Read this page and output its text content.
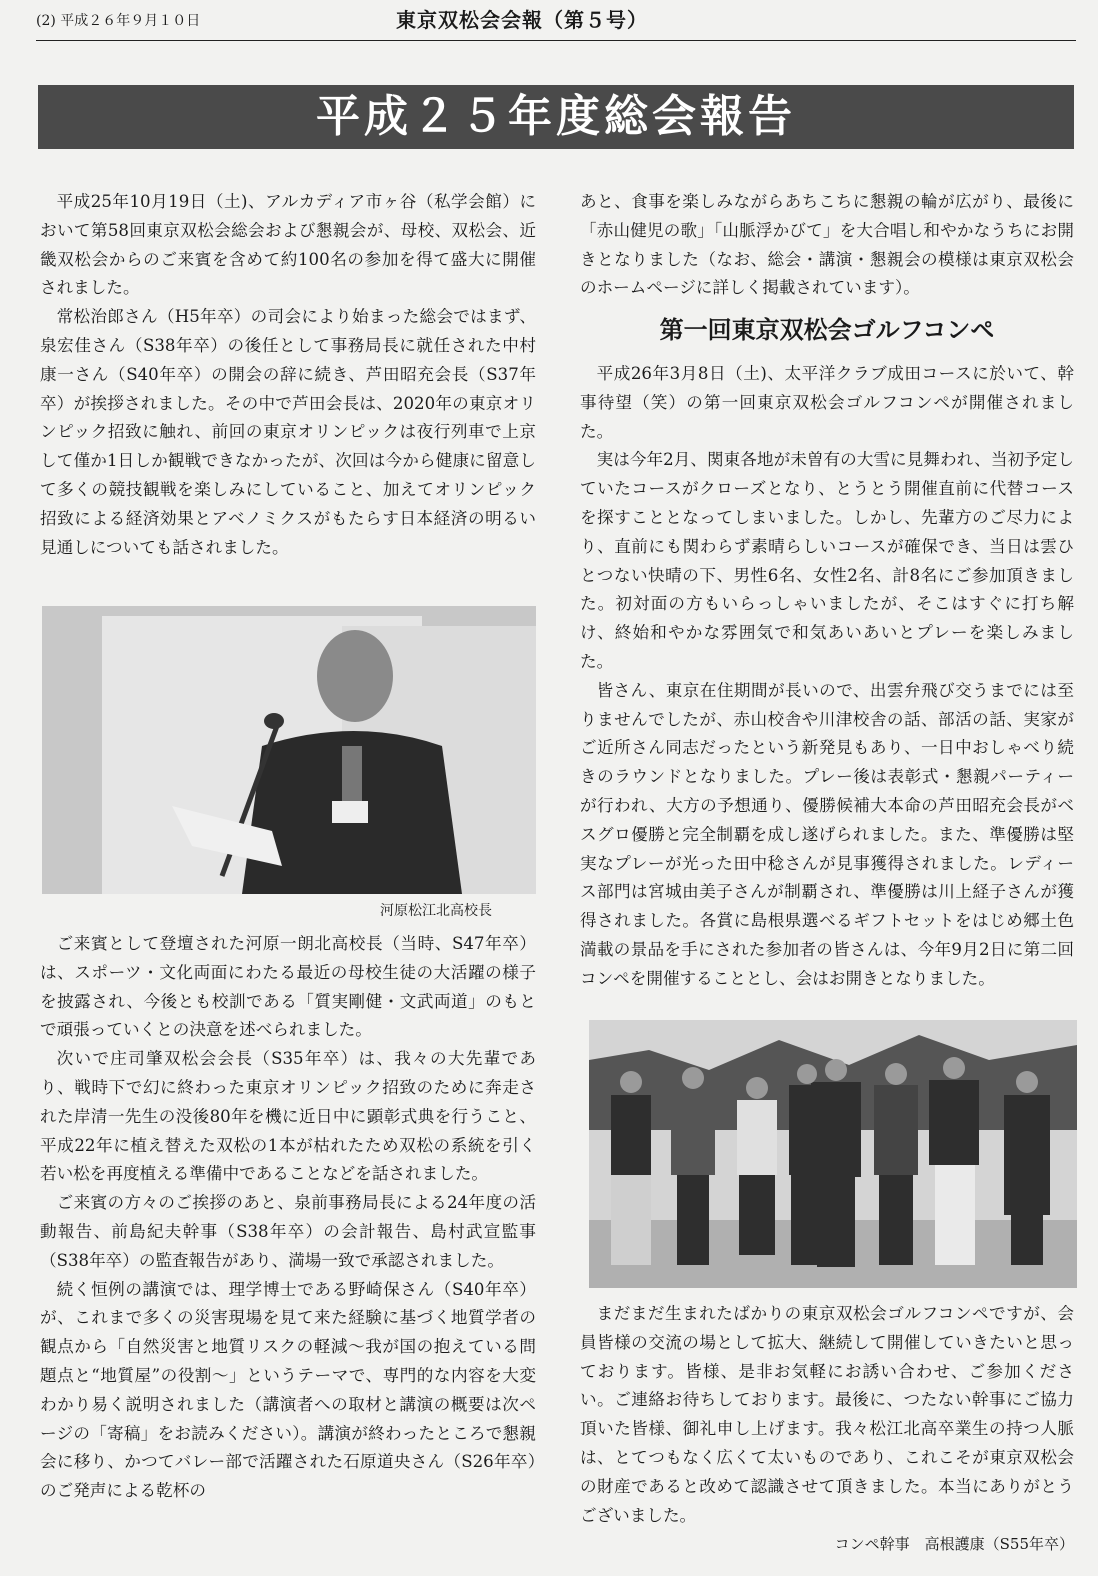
(2) 平成２６年９月１０日	東京双松会会報（第５号）
平成２５年度総会報告

平成25年10月19日（土)、アルカディア市ヶ谷（私学会館）において第58回東京双松会総会および懇親会が、母校、双松会、近畿双松会からのご来賓を含めて約100名の参加を得て盛大に開催されました。

常松治郎さん（H5年卒）の司会により始まった総会ではまず、泉宏佳さん（S38年卒）の後任として事務局長に就任された中村康一さん（S40年卒）の開会の辞に続き、芦田昭充会長（S37年卒）が挨拶されました。その中で芦田会長は、2020年の東京オリンピック招致に触れ、前回の東京オリンピックは夜行列車で上京して僅か1日しか観戦できなかったが、次回は今から健康に留意して多くの競技観戦を楽しみにしていること、加えてオリンピック招致による経済効果とアベノミクスがもたらす日本経済の明るい見通しについても話されました。

河原松江北高校長

ご来賓として登壇された河原一朗北高校長（当時、S47年卒）は、スポーツ・文化両面にわたる最近の母校生徒の大活躍の様子を披露され、今後とも校訓である「質実剛健・文武両道」のもとで頑張っていくとの決意を述べられました。

次いで庄司肇双松会会長（S35年卒）は、我々の大先輩であり、戦時下で幻に終わった東京オリンピック招致のために奔走された岸清一先生の没後80年を機に近日中に顕彰式典を行うこと、平成22年に植え替えた双松の1本が枯れたため双松の系統を引く若い松を再度植える準備中であることなどを話されました。

ご来賓の方々のご挨拶のあと、泉前事務局長による24年度の活動報告、前島紀夫幹事（S38年卒）の会計報告、島村武宣監事（S38年卒）の監査報告があり、満場一致で承認されました。

続く恒例の講演では、理学博士である野崎保さん（S40年卒）が、これまで多くの災害現場を見て来た経験に基づく地質学者の観点から「自然災害と地質リスクの軽減～我が国の抱えている問題点と“地質屋”の役割～」というテーマで、専門的な内容を大変わかり易く説明されました（講演者への取材と講演の概要は次ページの「寄稿」をお読みください）。講演が終わったところで懇親会に移り、かつてバレー部で活躍された石原道央さん（S26年卒）のご発声による乾杯の

あと、食事を楽しみながらあちこちに懇親の輪が広がり、最後に「赤山健児の歌」「山脈浮かびて」を大合唱し和やかなうちにお開きとなりました（なお、総会・講演・懇親会の模様は東京双松会のホームページに詳しく掲載されています）。

第一回東京双松会ゴルフコンペ

平成26年3月8日（土)、太平洋クラブ成田コースに於いて、幹事待望（笑）の第一回東京双松会ゴルフコンペが開催されました。

実は今年2月、関東各地が未曽有の大雪に見舞われ、当初予定していたコースがクローズとなり、とうとう開催直前に代替コースを探すこととなってしまいました。しかし、先輩方のご尽力により、直前にも関わらず素晴らしいコースが確保でき、当日は雲ひとつない快晴の下、男性6名、女性2名、計8名にご参加頂きました。初対面の方もいらっしゃいましたが、そこはすぐに打ち解け、終始和やかな雰囲気で和気あいあいとプレーを楽しみました。

皆さん、東京在住期間が長いので、出雲弁飛び交うまでには至りませんでしたが、赤山校舎や川津校舎の話、部活の話、実家がご近所さん同志だったという新発見もあり、一日中おしゃべり続きのラウンドとなりました。プレー後は表彰式・懇親パーティーが行われ、大方の予想通り、優勝候補大本命の芦田昭充会長がベスグロ優勝と完全制覇を成し遂げられました。また、準優勝は堅実なプレーが光った田中稔さんが見事獲得されました。レディース部門は宮城由美子さんが制覇され、準優勝は川上経子さんが獲得されました。各賞に島根県選べるギフトセットをはじめ郷土色満載の景品を手にされた参加者の皆さんは、今年9月2日に第二回コンペを開催することとし、会はお開きとなりました。

まだまだ生まれたばかりの東京双松会ゴルフコンペですが、会員皆様の交流の場として拡大、継続して開催していきたいと思っております。皆様、是非お気軽にお誘い合わせ、ご参加ください。ご連絡お待ちしております。最後に、つたない幹事にご協力頂いた皆様、御礼申し上げます。我々松江北高卒業生の持つ人脈は、とてつもなく広くて太いものであり、これこそが東京双松会の財産であると改めて認識させて頂きました。本当にありがとうございました。

コンペ幹事　高根護康（S55年卒）
